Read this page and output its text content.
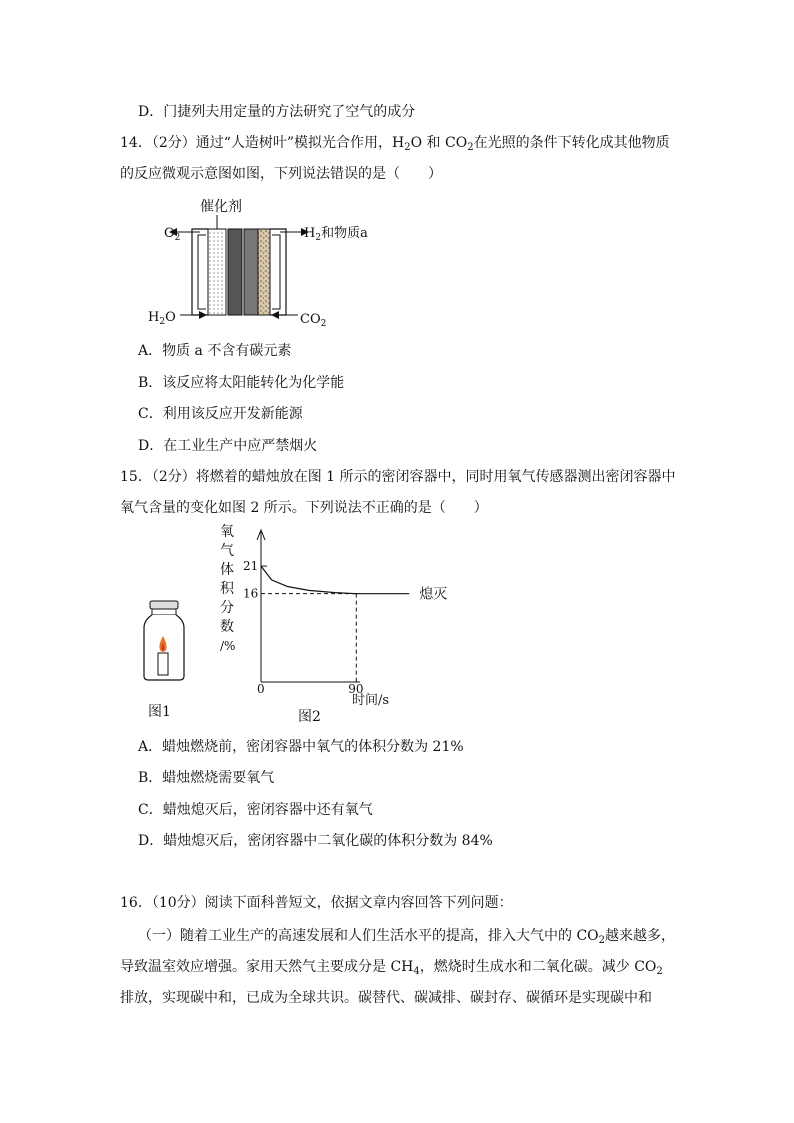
D．门捷列夫用定量的方法研究了空气的成分
14．（2分）通过“人造树叶”模拟光合作用，$H_2O$ 和 $CO_2$在光照的条件下转化成其他物质
的反应微观示意图如图，下列说法错误的是（　　）
催化剂
$O_2$	$H_2$和物质a
$H_2O$	$CO_2$
A．物质 a 不含有碳元素
B．该反应将太阳能转化为化学能
C．利用该反应开发新能源
D．在工业生产中应严禁烟火
15．（2分）将燃着的蜡烛放在图 1 所示的密闭容器中，同时用氧气传感器测出密闭容器中
氧气含量的变化如图 2 所示。下列说法不正确的是（　　）
图1
氧
气
体
积
分
数
/%
21
16	熄灭
0	90
时间/s
图2
A．蜡烛燃烧前，密闭容器中氧气的体积分数为 21%
B．蜡烛燃烧需要氧气
C．蜡烛熄灭后，密闭容器中还有氧气
D．蜡烛熄灭后，密闭容器中二氧化碳的体积分数为 84%
16．（10分）阅读下面科普短文，依据文章内容回答下列问题：
（一）随着工业生产的高速发展和人们生活水平的提高，排入大气中的 $CO_2$越来越多，
导致温室效应增强。家用天然气主要成分是 $CH_4$，燃烧时生成水和二氧化碳。减少 $CO_2$
排放，实现碳中和，已成为全球共识。碳替代、碳减排、碳封存、碳循环是实现碳中和
